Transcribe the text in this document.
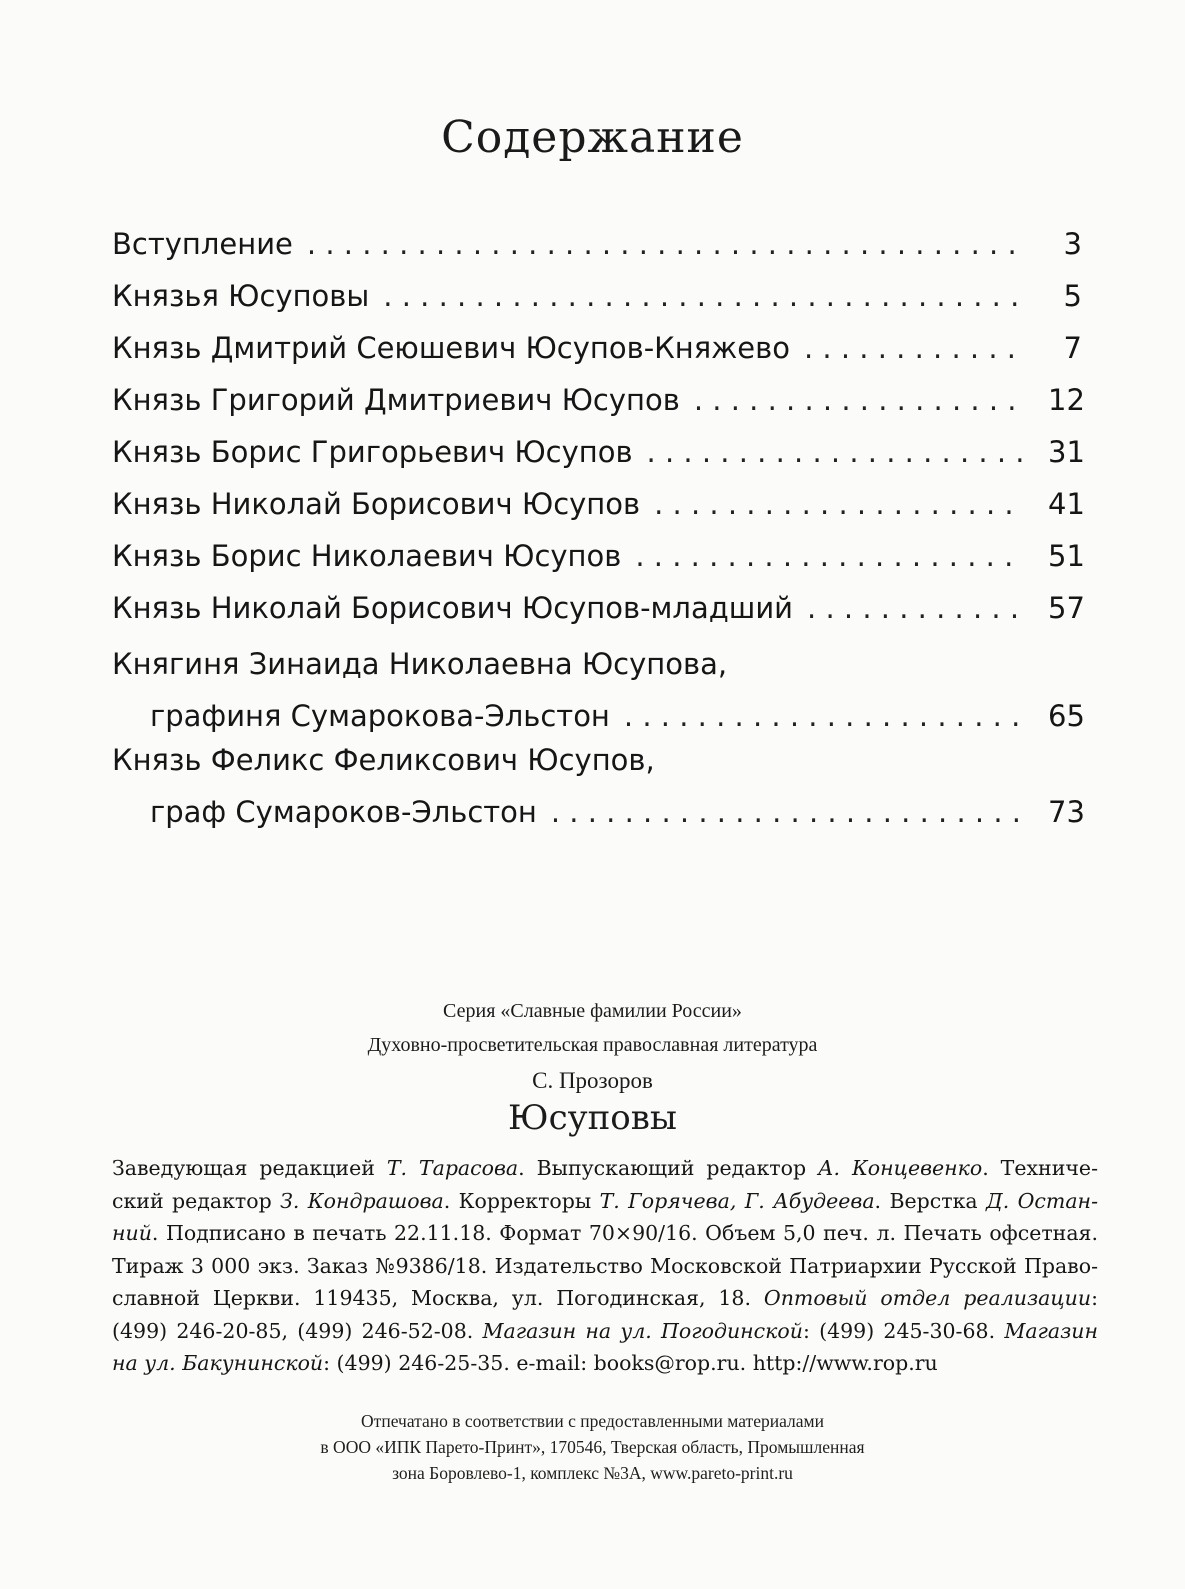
Содержание
Вступление . . .	3
Князья Юсуповы . . .	5
Князь Дмитрий Сеюшевич Юсупов-Княжево . . .	7
Князь Григорий Дмитриевич Юсупов . . .	12
Князь Борис Григорьевич Юсупов . . .	31
Князь Николай Борисович Юсупов . . .	41
Князь Борис Николаевич Юсупов . . .	51
Князь Николай Борисович Юсупов-младший . . .	57
Княгиня Зинаида Николаевна Юсупова,
графиня Сумарокова-Эльстон . . .	65
Князь Феликс Феликсович Юсупов,
граф Сумароков-Эльстон . . .	73
Серия «Славные фамилии России»
Духовно-просветительская православная литература
С. Прозоров
Юсуповы
Заведующая редакцией Т. Тарасова. Выпускающий редактор А. Концевенко. Технический редактор З. Кондрашова. Корректоры Т. Горячева, Г. Абудеева. Верстка Д. Останний. Подписано в печать 22.11.18. Формат 70×90/16. Объем 5,0 печ. л. Печать офсетная. Тираж 3 000 экз. Заказ №9386/18. Издательство Московской Патриархии Русской Православной Церкви. 119435, Москва, ул. Погодинская, 18. Оптовый отдел реализации: (499) 246-20-85, (499) 246-52-08. Магазин на ул. Погодинской: (499) 245-30-68. Магазин на ул. Бакунинской: (499) 246-25-35. e-mail: books@rop.ru. http://www.rop.ru
Отпечатано в соответствии с предоставленными материалами
в ООО «ИПК Парето-Принт», 170546, Тверская область, Промышленная
зона Боровлево-1, комплекс №3А, www.pareto-print.ru
